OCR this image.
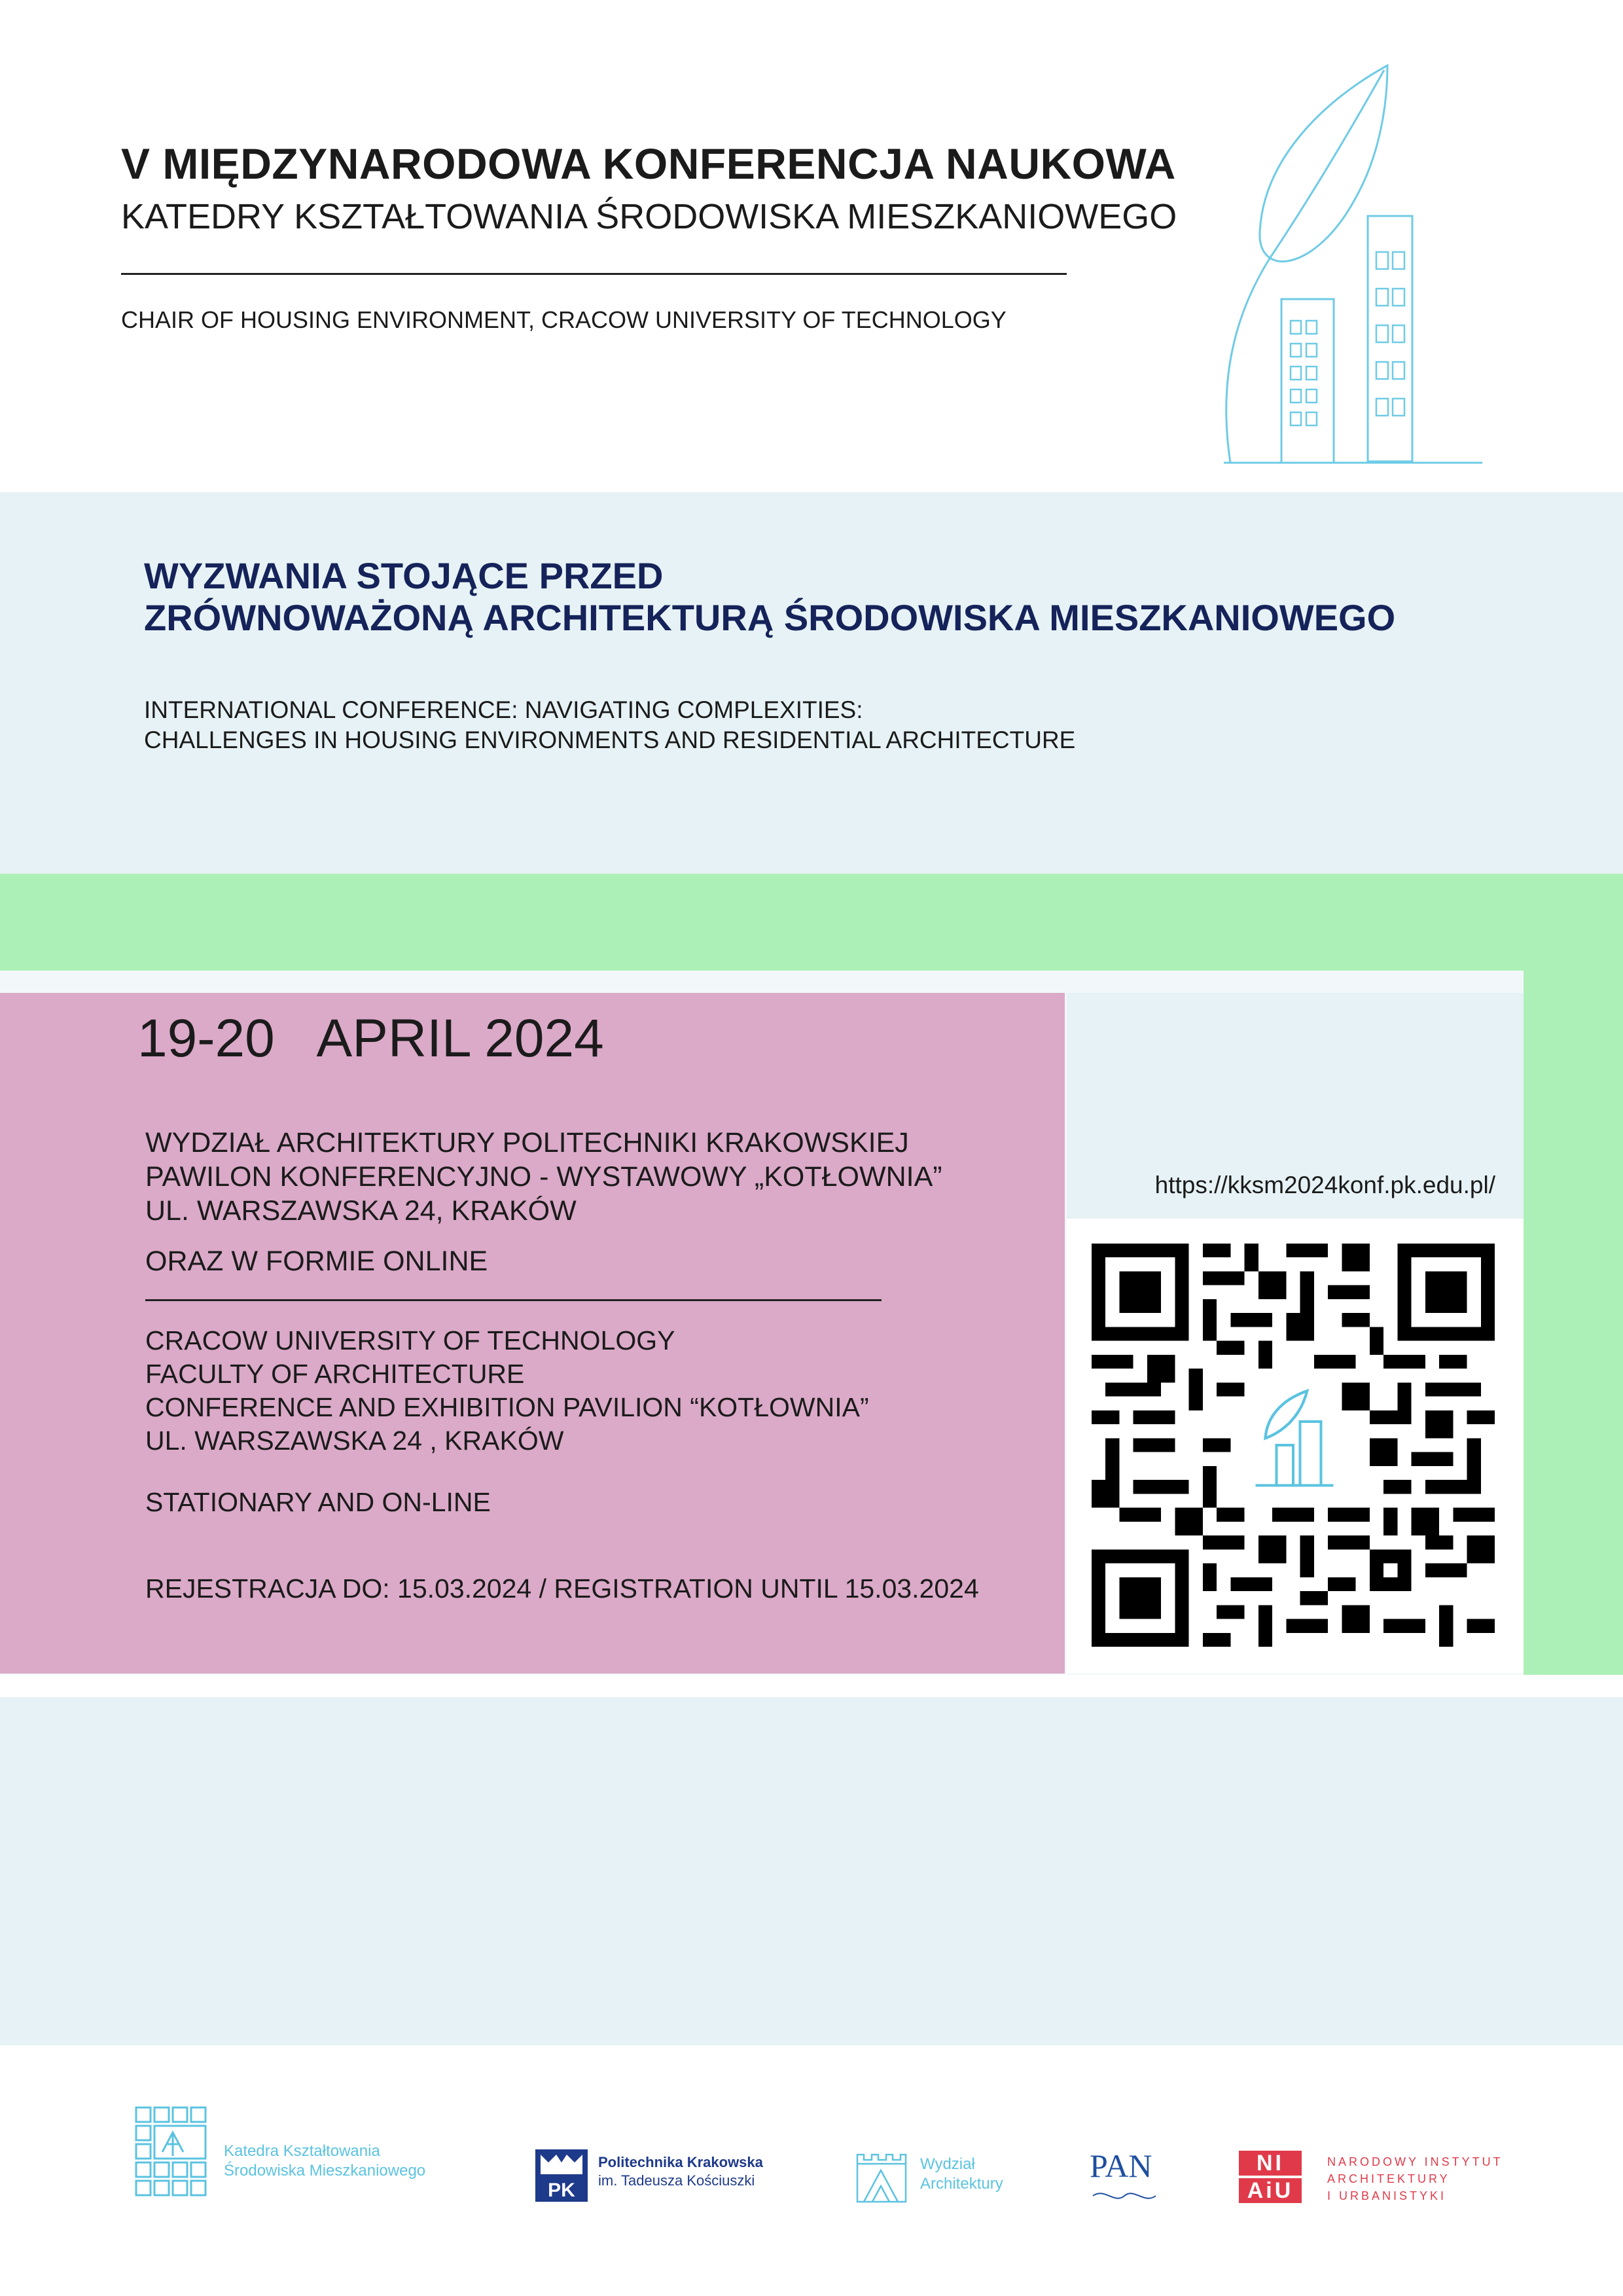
V MIĘDZYNARODOWA KONFERENCJA NAUKOWA
KATEDRY KSZTAŁTOWANIA ŚRODOWISKA MIESZKANIOWEGO
CHAIR OF HOUSING ENVIRONMENT, CRACOW UNIVERSITY OF TECHNOLOGY
WYZWANIA STOJĄCE PRZED
ZRÓWNOWAŻONĄ ARCHITEKTURĄ ŚRODOWISKA MIESZKANIOWEGO
INTERNATIONAL CONFERENCE: NAVIGATING COMPLEXITIES:
CHALLENGES IN HOUSING ENVIRONMENTS AND RESIDENTIAL ARCHITECTURE
19-20   APRIL 2024
WYDZIAŁ ARCHITEKTURY POLITECHNIKI KRAKOWSKIEJ
PAWILON KONFERENCYJNO - WYSTAWOWY „KOTŁOWNIA”
UL. WARSZAWSKA 24, KRAKÓW
ORAZ W FORMIE ONLINE
CRACOW UNIVERSITY OF TECHNOLOGY
FACULTY OF ARCHITECTURE
CONFERENCE AND EXHIBITION PAVILION “KOTŁOWNIA”
UL. WARSZAWSKA 24 , KRAKÓW
STATIONARY AND ON-LINE
REJESTRACJA DO: 15.03.2024 / REGISTRATION UNTIL 15.03.2024
https://kksm2024konf.pk.edu.pl/
Katedra Kształtowania
Środowiska Mieszkaniowego
PK
Politechnika Krakowska
im. Tadeusza Kościuszki
Wydział
Architektury	PAN	NI
AiU
NARODOWY INSTYTUT
ARCHITEKTURY
I URBANISTYKI
